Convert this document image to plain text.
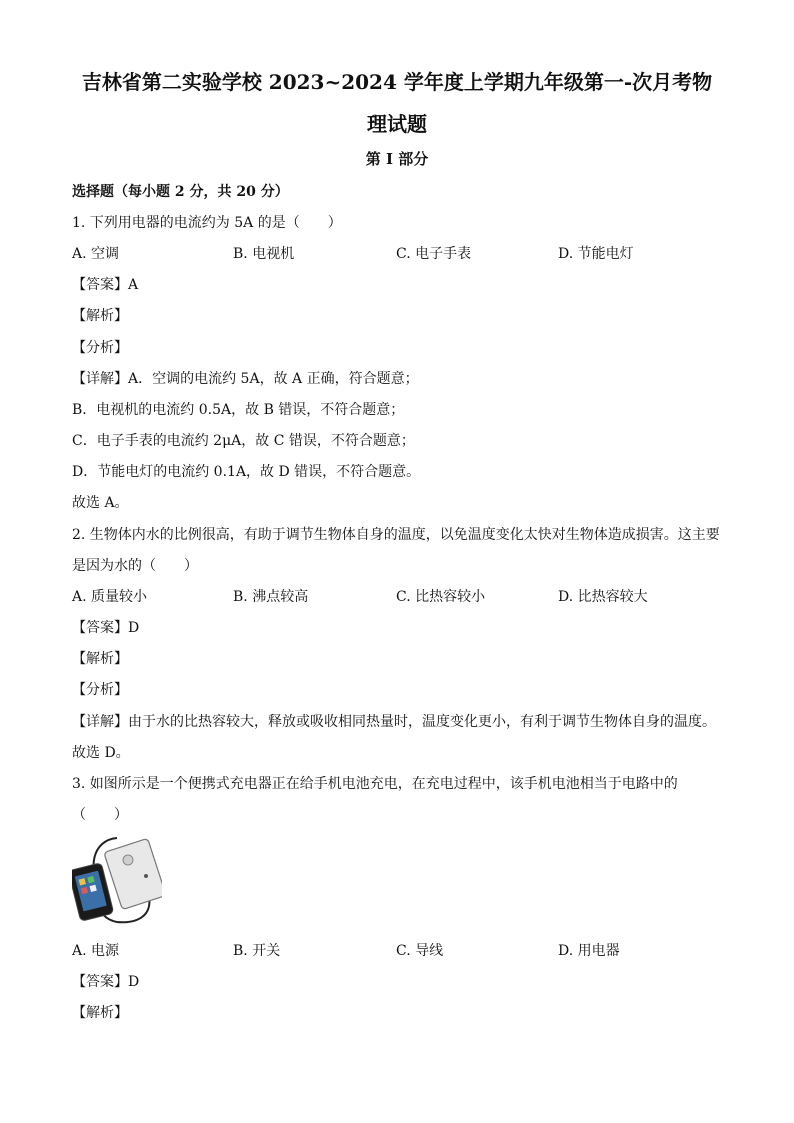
吉林省第二实验学校 2023~2024 学年度上学期九年级第一-次月考物
理试题
第 I 部分
选择题（每小题 2 分，共 20 分）
1. 下列用电器的电流约为 5A 的是（　　）
A. 空调	B. 电视机	C. 电子手表	D. 节能电灯
【答案】A
【解析】
【分析】
【详解】A．空调的电流约 5A，故 A 正确，符合题意；
B．电视机的电流约 0.5A，故 B 错误，不符合题意；
C．电子手表的电流约 2μA，故 C 错误，不符合题意；
D．节能电灯的电流约 0.1A，故 D 错误，不符合题意。
故选 A。
2. 生物体内水的比例很高，有助于调节生物体自身的温度，以免温度变化太快对生物体造成损害。这主要
是因为水的（　　）
A. 质量较小	B. 沸点较高	C. 比热容较小	D. 比热容较大
【答案】D
【解析】
【分析】
【详解】由于水的比热容较大，释放或吸收相同热量时，温度变化更小，有利于调节生物体自身的温度。
故选 D。
3. 如图所示是一个便携式充电器正在给手机电池充电，在充电过程中，该手机电池相当于电路中的
（　　）
A. 电源	B. 开关	C. 导线	D. 用电器
【答案】D
【解析】
